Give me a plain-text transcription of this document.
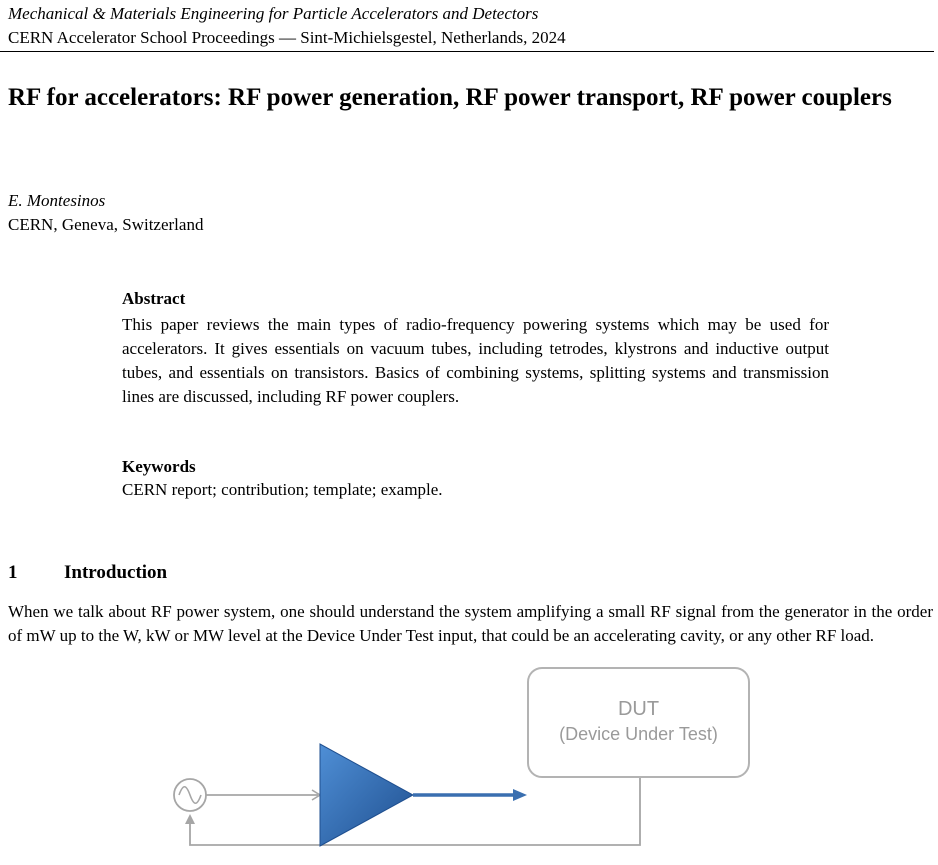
Mechanical & Materials Engineering for Particle Accelerators and Detectors
CERN Accelerator School Proceedings ― Sint-Michielsgestel, Netherlands, 2024
RF for accelerators: RF power generation, RF power transport, RF power couplers
E. Montesinos
CERN, Geneva, Switzerland
Abstract
This paper reviews the main types of radio-frequency powering systems which may be used for accelerators. It gives essentials on vacuum tubes, including tetrodes, klystrons and inductive output tubes, and essentials on transistors. Basics of combining systems, splitting systems and transmission lines are discussed, including RF power couplers.
Keywords
CERN report; contribution; template; example.
1 Introduction
When we talk about RF power system, one should understand the system amplifying a small RF signal from the generator in the order of mW up to the W, kW or MW level at the Device Under Test input, that could be an accelerating cavity, or any other RF load.
DUT
(Device Under Test)
